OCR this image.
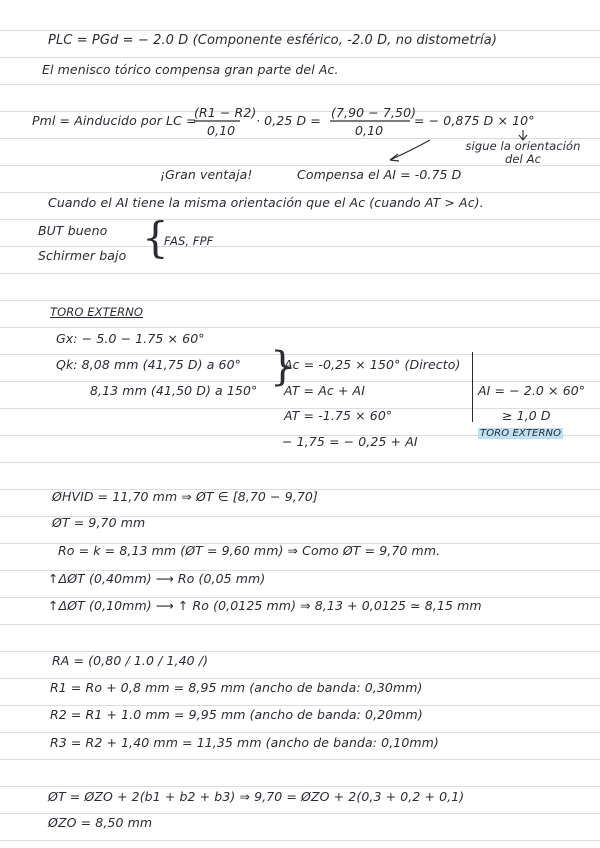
PLC = PGd = − 2.0 D (Componente esférico, -2.0 D, no distometría)
El menisco tórico compensa gran parte del Ac.
Pml = Ainducido por LC =
(R1 − R2)
0,10
· 0,25 D =
(7,90 − 7,50)
0,10
= − 0,875 D × 10°
sigue la orientación del Ac
¡Gran ventaja!	Compensa el AI = -0.75 D
Cuando el AI tiene la misma orientación que el Ac (cuando AT > Ac).
BUT bueno
Schirmer bajo {
FAS, FPF
TORO EXTERNO
Gx: − 5.0 − 1.75 × 60°
Qk: 8,08 mm (41,75 D) a 60°
8,13 mm (41,50 D) a 150°
}
Ac = -0,25 × 150° (Directo)
AT = Ac + AI
AT = -1.75 × 60°
− 1,75 = − 0,25 + AI
AI = − 2.0 × 60°
≥ 1,0 D
TORO EXTERNO
ØHVID = 11,70 mm ⇒ ØT ∈ [8,70 − 9,70]
ØT = 9,70 mm
Ro = k = 8,13 mm (ØT = 9,60 mm) ⇒ Como ØT = 9,70 mm.
↑ΔØT (0,40mm) ⟶ Ro (0,05 mm)
↑ΔØT (0,10mm) ⟶ ↑ Ro (0,0125 mm) ⇒ 8,13 + 0,0125 ≃ 8,15 mm
RA = (0,80 / 1.0 / 1,40 /)
R1 = Ro + 0,8 mm = 8,95 mm (ancho de banda: 0,30mm)
R2 = R1 + 1.0 mm = 9,95 mm (ancho de banda: 0,20mm)
R3 = R2 + 1,40 mm = 11,35 mm (ancho de banda: 0,10mm)
ØT = ØZO + 2(b1 + b2 + b3) ⇒ 9,70 = ØZO + 2(0,3 + 0,2 + 0,1)
ØZO = 8,50 mm
